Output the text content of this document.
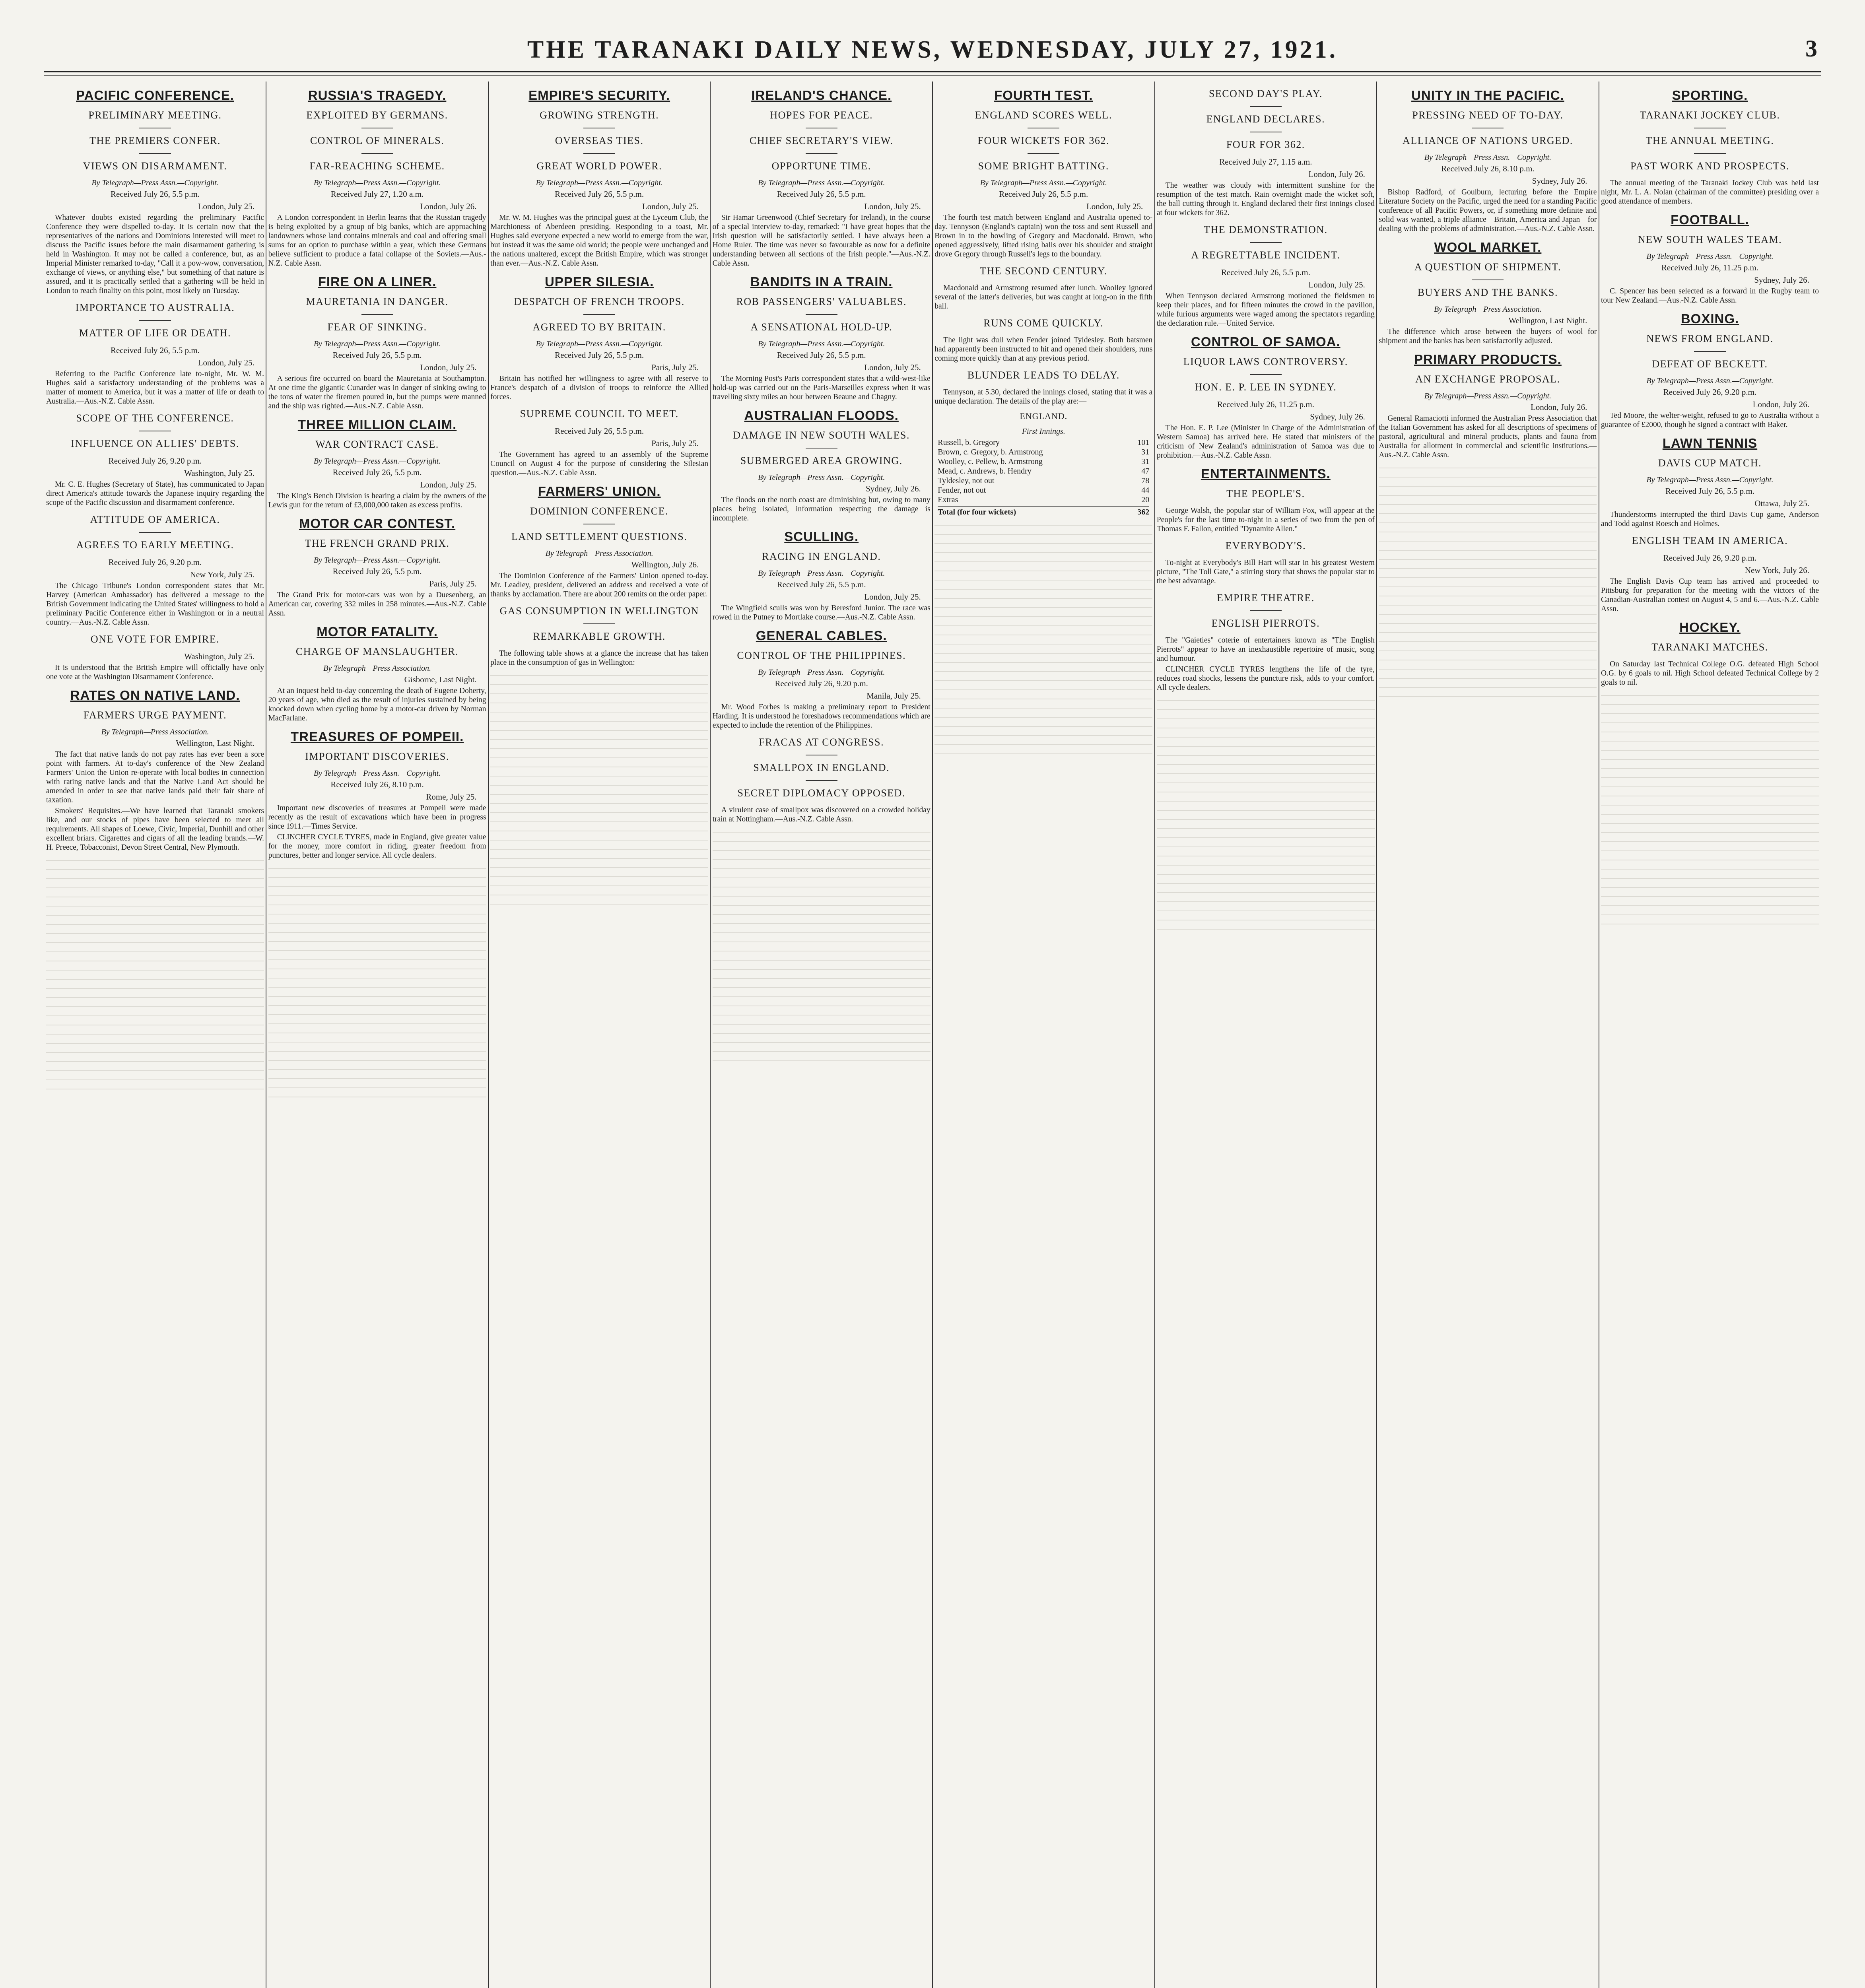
THE TARANAKI DAILY NEWS, WEDNESDAY, JULY 27, 1921.	3
PACIFIC CONFERENCE.
PRELIMINARY MEETING.
THE PREMIERS CONFER.
VIEWS ON DISARMAMENT.
By Telegraph—Press Assn.—Copyright.
Received July 26, 5.5 p.m.
London, July 25.

Whatever doubts existed regarding the preliminary Pacific Conference they were dispelled to-day. It is certain now that the representatives of the nations and Dominions interested will meet to discuss the Pacific issues before the main disarmament gathering is held in Washington. It may not be called a conference, but, as an Imperial Minister remarked to-day, "Call it a pow-wow, conversation, exchange of views, or anything else," but something of that nature is assured, and it is practically settled that a gathering will be held in London to reach finality on this point, most likely on Tuesday.

IMPORTANCE TO AUSTRALIA.
MATTER OF LIFE OR DEATH.
Received July 26, 5.5 p.m.
London, July 25.

Referring to the Pacific Conference late to-night, Mr. W. M. Hughes said a satisfactory understanding of the problems was a matter of moment to America, but it was a matter of life or death to Australia.—Aus.-N.Z. Cable Assn.

SCOPE OF THE CONFERENCE.
INFLUENCE ON ALLIES' DEBTS.
Received July 26, 9.20 p.m.
Washington, July 25.

Mr. C. E. Hughes (Secretary of State), has communicated to Japan direct America's attitude towards the Japanese inquiry regarding the scope of the Pacific discussion and disarmament conference.

ATTITUDE OF AMERICA.
AGREES TO EARLY MEETING.
Received July 26, 9.20 p.m.
New York, July 25.

The Chicago Tribune's London correspondent states that Mr. Harvey (American Ambassador) has delivered a message to the British Government indicating the United States' willingness to hold a preliminary Pacific Conference either in Washington or in a neutral country.—Aus.-N.Z. Cable Assn.

ONE VOTE FOR EMPIRE.
Washington, July 25.

It is understood that the British Empire will officially have only one vote at the Washington Disarmament Conference.

RATES ON NATIVE LAND.
FARMERS URGE PAYMENT.
By Telegraph—Press Association.
Wellington, Last Night.

The fact that native lands do not pay rates has ever been a sore point with farmers. At to-day's conference of the New Zealand Farmers' Union the Union re-operate with local bodies in connection with rating native lands and that the Native Land Act should be amended in order to see that native lands paid their fair share of taxation.

Smokers' Requisites.—We have learned that Taranaki smokers like, and our stocks of pipes have been selected to meet all requirements. All shapes of Loewe, Civic, Imperial, Dunhill and other excellent briars. Cigarettes and cigars of all the leading brands.—W. H. Preece, Tobacconist, Devon Street Central, New Plymouth.

RUSSIA'S TRAGEDY.
EXPLOITED BY GERMANS.
CONTROL OF MINERALS.
FAR-REACHING SCHEME.
By Telegraph—Press Assn.—Copyright.
Received July 27, 1.20 a.m.
London, July 26.

A London correspondent in Berlin learns that the Russian tragedy is being exploited by a group of big banks, which are approaching landowners whose land contains minerals and coal and offering small sums for an option to purchase within a year, which these Germans believe sufficient to produce a fatal collapse of the Soviets.—Aus.-N.Z. Cable Assn.

FIRE ON A LINER.
MAURETANIA IN DANGER.
FEAR OF SINKING.
By Telegraph—Press Assn.—Copyright.
Received July 26, 5.5 p.m.
London, July 25.

A serious fire occurred on board the Mauretania at Southampton. At one time the gigantic Cunarder was in danger of sinking owing to the tons of water the firemen poured in, but the pumps were manned and the ship was righted.—Aus.-N.Z. Cable Assn.

THREE MILLION CLAIM.
WAR CONTRACT CASE.
By Telegraph—Press Assn.—Copyright.
Received July 26, 5.5 p.m.
London, July 25.

The King's Bench Division is hearing a claim by the owners of the Lewis gun for the return of £3,000,000 taken as excess profits.

MOTOR CAR CONTEST.
THE FRENCH GRAND PRIX.
By Telegraph—Press Assn.—Copyright.
Received July 26, 5.5 p.m.
Paris, July 25.

The Grand Prix for motor-cars was won by a Duesenberg, an American car, covering 332 miles in 258 minutes.—Aus.-N.Z. Cable Assn.

MOTOR FATALITY.
CHARGE OF MANSLAUGHTER.
By Telegraph—Press Association.
Gisborne, Last Night.

At an inquest held to-day concerning the death of Eugene Doherty, 20 years of age, who died as the result of injuries sustained by being knocked down when cycling home by a motor-car driven by Norman MacFarlane.

TREASURES OF POMPEII.
IMPORTANT DISCOVERIES.
By Telegraph—Press Assn.—Copyright.
Received July 26, 8.10 p.m.
Rome, July 25.

Important new discoveries of treasures at Pompeii were made recently as the result of excavations which have been in progress since 1911.—Times Service.

CLINCHER CYCLE TYRES, made in England, give greater value for the money, more comfort in riding, greater freedom from punctures, better and longer service. All cycle dealers.

EMPIRE'S SECURITY.
GROWING STRENGTH.
OVERSEAS TIES.
GREAT WORLD POWER.
By Telegraph—Press Assn.—Copyright.
Received July 26, 5.5 p.m.
London, July 25.

Mr. W. M. Hughes was the principal guest at the Lyceum Club, the Marchioness of Aberdeen presiding. Responding to a toast, Mr. Hughes said everyone expected a new world to emerge from the war, but instead it was the same old world; the people were unchanged and the nations unaltered, except the British Empire, which was stronger than ever.—Aus.-N.Z. Cable Assn.

UPPER SILESIA.
DESPATCH OF FRENCH TROOPS.
AGREED TO BY BRITAIN.
By Telegraph—Press Assn.—Copyright.
Received July 26, 5.5 p.m.
Paris, July 25.

Britain has notified her willingness to agree with all reserve to France's despatch of a division of troops to reinforce the Allied forces.

SUPREME COUNCIL TO MEET.
Received July 26, 5.5 p.m.
Paris, July 25.

The Government has agreed to an assembly of the Supreme Council on August 4 for the purpose of considering the Silesian question.—Aus.-N.Z. Cable Assn.

FARMERS' UNION.
DOMINION CONFERENCE.
LAND SETTLEMENT QUESTIONS.
By Telegraph—Press Association.
Wellington, July 26.

The Dominion Conference of the Farmers' Union opened to-day. Mr. Leadley, president, delivered an address and received a vote of thanks by acclamation. There are about 200 remits on the order paper.

GAS CONSUMPTION IN WELLINGTON
REMARKABLE GROWTH.

The following table shows at a glance the increase that has taken place in the consumption of gas in Wellington:—

IRELAND'S CHANCE.
HOPES FOR PEACE.
CHIEF SECRETARY'S VIEW.
OPPORTUNE TIME.
By Telegraph—Press Assn.—Copyright.
Received July 26, 5.5 p.m.
London, July 25.

Sir Hamar Greenwood (Chief Secretary for Ireland), in the course of a special interview to-day, remarked: "I have great hopes that the Irish question will be satisfactorily settled. I have always been a Home Ruler. The time was never so favourable as now for a definite understanding between all sections of the Irish people."—Aus.-N.Z. Cable Assn.

BANDITS IN A TRAIN.
ROB PASSENGERS' VALUABLES.
A SENSATIONAL HOLD-UP.
By Telegraph—Press Assn.—Copyright.
Received July 26, 5.5 p.m.
London, July 25.

The Morning Post's Paris correspondent states that a wild-west-like hold-up was carried out on the Paris-Marseilles express when it was travelling sixty miles an hour between Beaune and Chagny.

AUSTRALIAN FLOODS.
DAMAGE IN NEW SOUTH WALES.
SUBMERGED AREA GROWING.
By Telegraph—Press Assn.—Copyright.
Sydney, July 26.

The floods on the north coast are diminishing but, owing to many places being isolated, information respecting the damage is incomplete.

SCULLING.
RACING IN ENGLAND.
By Telegraph—Press Assn.—Copyright.
Received July 26, 5.5 p.m.
London, July 25.

The Wingfield sculls was won by Beresford Junior. The race was rowed in the Putney to Mortlake course.—Aus.-N.Z. Cable Assn.

GENERAL CABLES.
CONTROL OF THE PHILIPPINES.
By Telegraph—Press Assn.—Copyright.
Received July 26, 9.20 p.m.
Manila, July 25.

Mr. Wood Forbes is making a preliminary report to President Harding. It is understood he foreshadows recommendations which are expected to include the retention of the Philippines.

FRACAS AT CONGRESS.
SMALLPOX IN ENGLAND.
SECRET DIPLOMACY OPPOSED.

A virulent case of smallpox was discovered on a crowded holiday train at Nottingham.—Aus.-N.Z. Cable Assn.

FOURTH TEST.
ENGLAND SCORES WELL.
FOUR WICKETS FOR 362.
SOME BRIGHT BATTING.
By Telegraph—Press Assn.—Copyright.
Received July 26, 5.5 p.m.
London, July 25.

The fourth test match between England and Australia opened to-day. Tennyson (England's captain) won the toss and sent Russell and Brown in to the bowling of Gregory and Macdonald. Brown, who opened aggressively, lifted rising balls over his shoulder and straight drove Gregory through Russell's legs to the boundary.

THE SECOND CENTURY.

Macdonald and Armstrong resumed after lunch. Woolley ignored several of the latter's deliveries, but was caught at long-on in the fifth ball.

RUNS COME QUICKLY.

The light was dull when Fender joined Tyldesley. Both batsmen had apparently been instructed to hit and opened their shoulders, runs coming more quickly than at any previous period.

BLUNDER LEADS TO DELAY.

Tennyson, at 5.30, declared the innings closed, stating that it was a unique declaration. The details of the play are:—

ENGLAND.
First Innings.
Russell, b. Gregory	101
Brown, c. Gregory, b. Armstrong	31
Woolley, c. Pellew, b. Armstrong	31
Mead, c. Andrews, b. Hendry	47
Tyldesley, not out	78
Fender, not out	44
Extras	20
Total (for four wickets)	362
SECOND DAY'S PLAY.
ENGLAND DECLARES.
FOUR FOR 362.
Received July 27, 1.15 a.m.
London, July 26.

The weather was cloudy with intermittent sunshine for the resumption of the test match. Rain overnight made the wicket soft, the ball cutting through it. England declared their first innings closed at four wickets for 362.

THE DEMONSTRATION.
A REGRETTABLE INCIDENT.
Received July 26, 5.5 p.m.
London, July 25.

When Tennyson declared Armstrong motioned the fieldsmen to keep their places, and for fifteen minutes the crowd in the pavilion, while furious arguments were waged among the spectators regarding the declaration rule.—United Service.

CONTROL OF SAMOA.
LIQUOR LAWS CONTROVERSY.
HON. E. P. LEE IN SYDNEY.
Received July 26, 11.25 p.m.
Sydney, July 26.

The Hon. E. P. Lee (Minister in Charge of the Administration of Western Samoa) has arrived here. He stated that ministers of the criticism of New Zealand's administration of Samoa was due to prohibition.—Aus.-N.Z. Cable Assn.

ENTERTAINMENTS.
THE PEOPLE'S.

George Walsh, the popular star of William Fox, will appear at the People's for the last time to-night in a series of two from the pen of Thomas F. Fallon, entitled "Dynamite Allen."

EVERYBODY'S.

To-night at Everybody's Bill Hart will star in his greatest Western picture, "The Toll Gate," a stirring story that shows the popular star to the best advantage.

EMPIRE THEATRE.
ENGLISH PIERROTS.

The "Gaieties" coterie of entertainers known as "The English Pierrots" appear to have an inexhaustible repertoire of music, song and humour.

CLINCHER CYCLE TYRES lengthens the life of the tyre, reduces road shocks, lessens the puncture risk, adds to your comfort. All cycle dealers.

UNITY IN THE PACIFIC.
PRESSING NEED OF TO-DAY.
ALLIANCE OF NATIONS URGED.
By Telegraph—Press Assn.—Copyright.
Received July 26, 8.10 p.m.
Sydney, July 26.

Bishop Radford, of Goulburn, lecturing before the Empire Literature Society on the Pacific, urged the need for a standing Pacific conference of all Pacific Powers, or, if something more definite and solid was wanted, a triple alliance—Britain, America and Japan—for dealing with the problems of administration.—Aus.-N.Z. Cable Assn.

WOOL MARKET.
A QUESTION OF SHIPMENT.
BUYERS AND THE BANKS.
By Telegraph—Press Association.
Wellington, Last Night.

The difference which arose between the buyers of wool for shipment and the banks has been satisfactorily adjusted.

PRIMARY PRODUCTS.
AN EXCHANGE PROPOSAL.
By Telegraph—Press Assn.—Copyright.
London, July 26.

General Ramaciotti informed the Australian Press Association that the Italian Government has asked for all descriptions of specimens of pastoral, agricultural and mineral products, plants and fauna from Australia for allotment in commercial and scientific institutions.—Aus.-N.Z. Cable Assn.

SPORTING.
TARANAKI JOCKEY CLUB.
THE ANNUAL MEETING.
PAST WORK AND PROSPECTS.

The annual meeting of the Taranaki Jockey Club was held last night, Mr. L. A. Nolan (chairman of the committee) presiding over a good attendance of members.

FOOTBALL.
NEW SOUTH WALES TEAM.
By Telegraph—Press Assn.—Copyright.
Received July 26, 11.25 p.m.
Sydney, July 26.

C. Spencer has been selected as a forward in the Rugby team to tour New Zealand.—Aus.-N.Z. Cable Assn.

BOXING.
NEWS FROM ENGLAND.
DEFEAT OF BECKETT.
By Telegraph—Press Assn.—Copyright.
Received July 26, 9.20 p.m.
London, July 26.

Ted Moore, the welter-weight, refused to go to Australia without a guarantee of £2000, though he signed a contract with Baker.

LAWN TENNIS
DAVIS CUP MATCH.
By Telegraph—Press Assn.—Copyright.
Received July 26, 5.5 p.m.
Ottawa, July 25.

Thunderstorms interrupted the third Davis Cup game, Anderson and Todd against Roesch and Holmes.

ENGLISH TEAM IN AMERICA.
Received July 26, 9.20 p.m.
New York, July 26.

The English Davis Cup team has arrived and proceeded to Pittsburg for preparation for the meeting with the victors of the Canadian-Australian contest on August 4, 5 and 6.—Aus.-N.Z. Cable Assn.

HOCKEY.
TARANAKI MATCHES.

On Saturday last Technical College O.G. defeated High School O.G. by 6 goals to nil. High School defeated Technical College by 2 goals to nil.
